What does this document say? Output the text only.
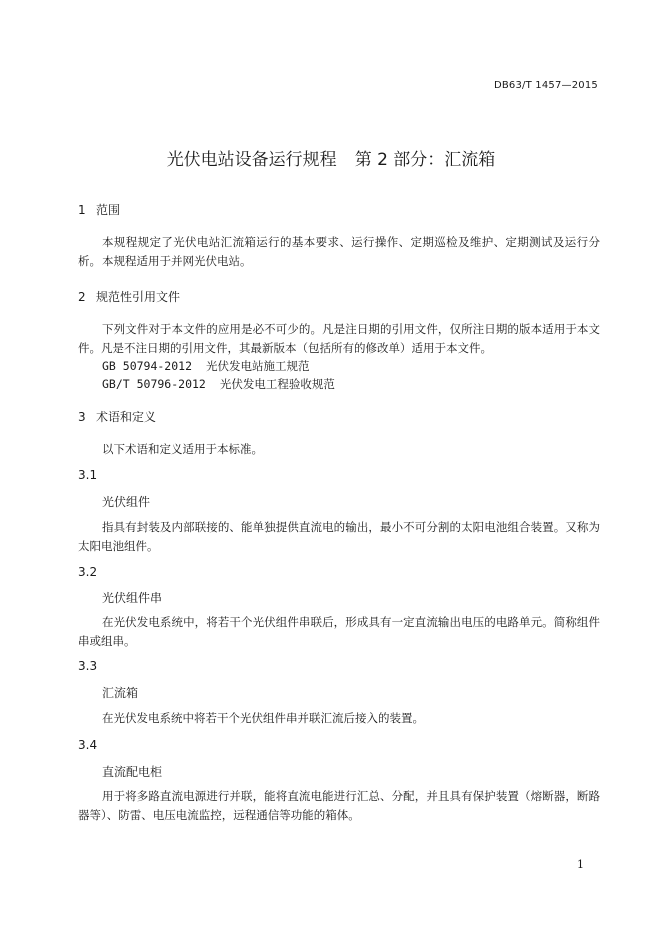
DB63/T 1457—2015
光伏电站设备运行规程 第 2 部分：汇流箱
1 范围
本规程规定了光伏电站汇流箱运行的基本要求、运行操作、定期巡检及维护、定期测试及运行分析。 本规程适用于并网光伏电站。
2 规范性引用文件
下列文件对于本文件的应用是必不可少的。凡是注日期的引用文件，仅所注日期的版本适用于本文件。凡是不注日期的引用文件，其最新版本（包括所有的修改单）适用于本文件。
GB 50794-2012 光伏发电站施工规范
GB/T 50796-2012 光伏发电工程验收规范
3 术语和定义
以下术语和定义适用于本标准。
3.1
光伏组件
指具有封装及内部联接的、能单独提供直流电的输出，最小不可分割的太阳电池组合装置。又称为太阳电池组件。
3.2
光伏组件串
在光伏发电系统中，将若干个光伏组件串联后，形成具有一定直流输出电压的电路单元。简称组件串或组串。
3.3
汇流箱
在光伏发电系统中将若干个光伏组件串并联汇流后接入的装置。
3.4
直流配电柜
用于将多路直流电源进行并联，能将直流电能进行汇总、分配，并且具有保护装置（熔断器，断路器等）、防雷、电压电流监控，远程通信等功能的箱体。
1
